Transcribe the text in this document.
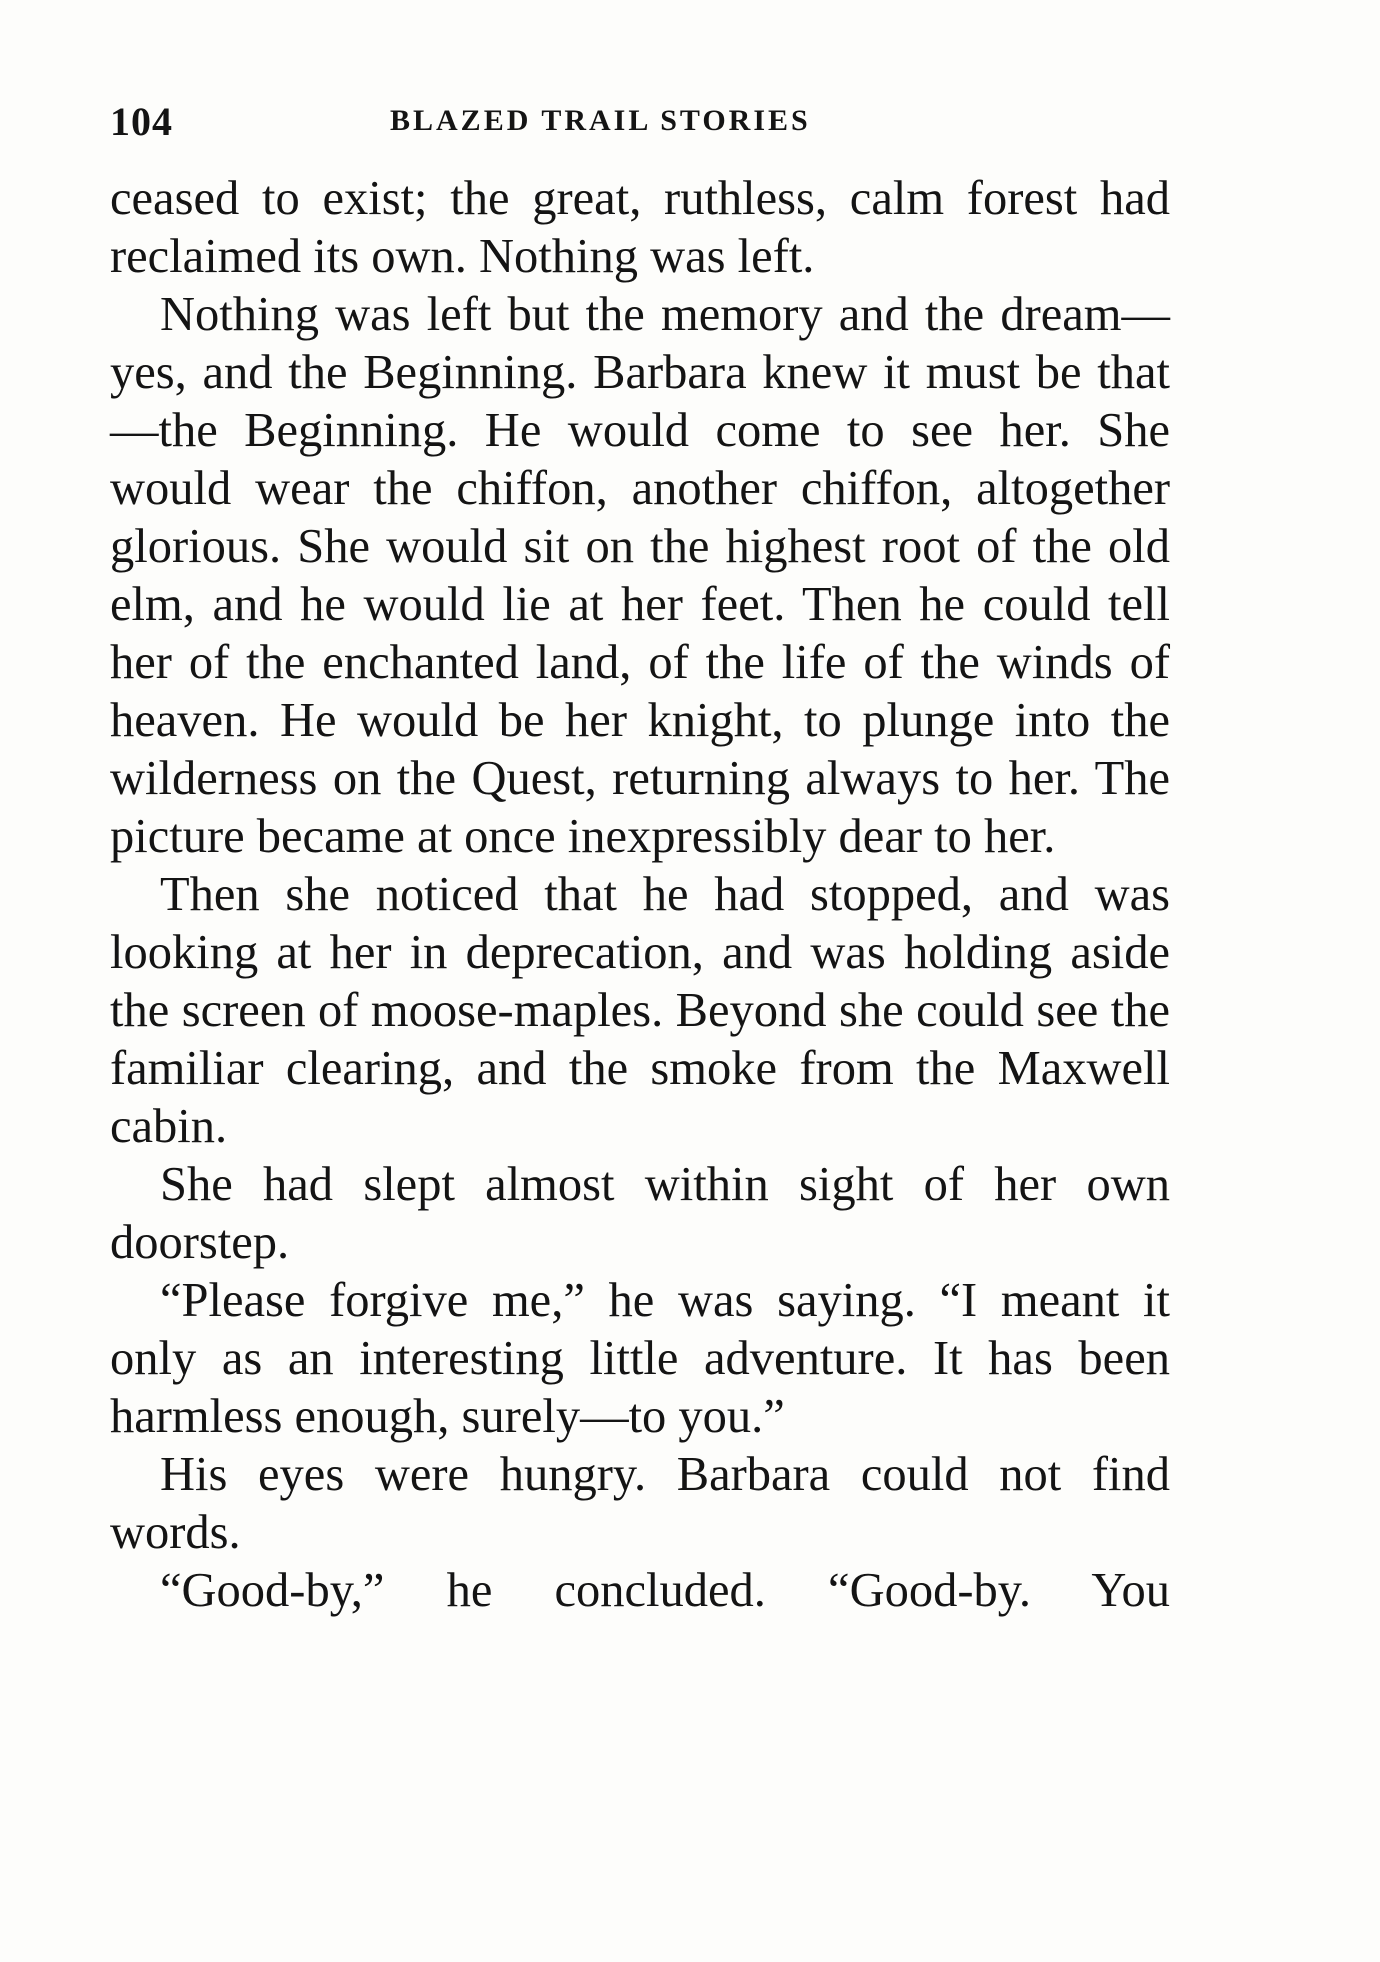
104	BLAZED TRAIL STORIES

ceased to exist; the great, ruthless, calm forest had reclaimed its own. Nothing was left.

Nothing was left but the memory and the dream—yes, and the Beginning. Barbara knew it must be that—the Beginning. He would come to see her. She would wear the chiffon, another chiffon, altogether glorious. She would sit on the highest root of the old elm, and he would lie at her feet. Then he could tell her of the enchanted land, of the life of the winds of heaven. He would be her knight, to plunge into the wilderness on the Quest, returning always to her. The picture became at once inexpressibly dear to her.

Then she noticed that he had stopped, and was looking at her in deprecation, and was holding aside the screen of moose-maples. Beyond she could see the familiar clearing, and the smoke from the Maxwell cabin.

She had slept almost within sight of her own doorstep.

“Please forgive me,” he was saying. “I meant it only as an interesting little adventure. It has been harmless enough, surely—to you.”

His eyes were hungry. Barbara could not find words.

“Good-by,” he concluded. “Good-by. You
